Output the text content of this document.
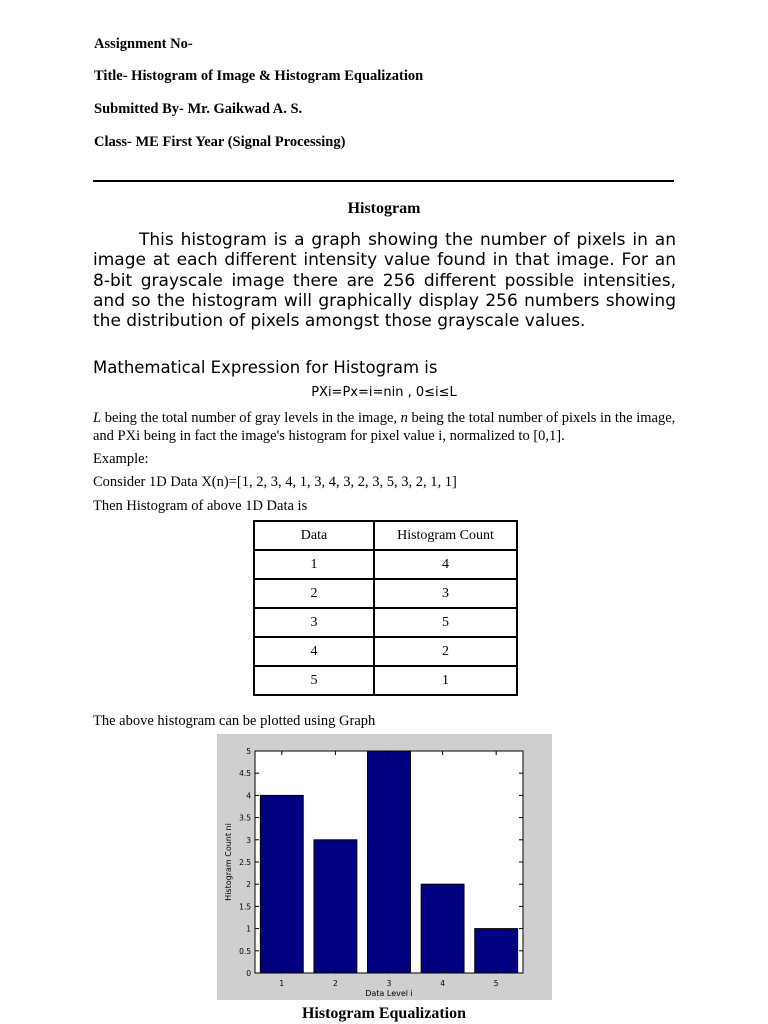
Assignment No-
Title- Histogram of Image & Histogram Equalization
Submitted By- Mr. Gaikwad A. S.
Class- ME First Year (Signal Processing)
Histogram
This histogram is a graph showing the number of pixels in an image at each different intensity value found in that image. For an 8-bit grayscale image there are 256 different possible intensities, and so the histogram will graphically display 256 numbers showing the distribution of pixels amongst those grayscale values.
Mathematical Expression for Histogram is
PXi=Px=i=nin , 0≤i≤L
L being the total number of gray levels in the image, n being the total number of pixels in the image, and PXi being in fact the image's histogram for pixel value i, normalized to [0,1].
Example:
Consider 1D Data X(n)=[1, 2, 3, 4, 1, 3, 4, 3, 2, 3, 5, 3, 2, 1, 1]
Then Histogram of above 1D Data is
Data	Histogram Count
1	4
2	3
3	5
4	2
5	1
The above histogram can be plotted using Graph
0
0.5
1
1.5
2
2.5
3
3.5
4
4.5
5
1	2	3	4	5
Data Level i
Histogram Count ni
Histogram Equalization
